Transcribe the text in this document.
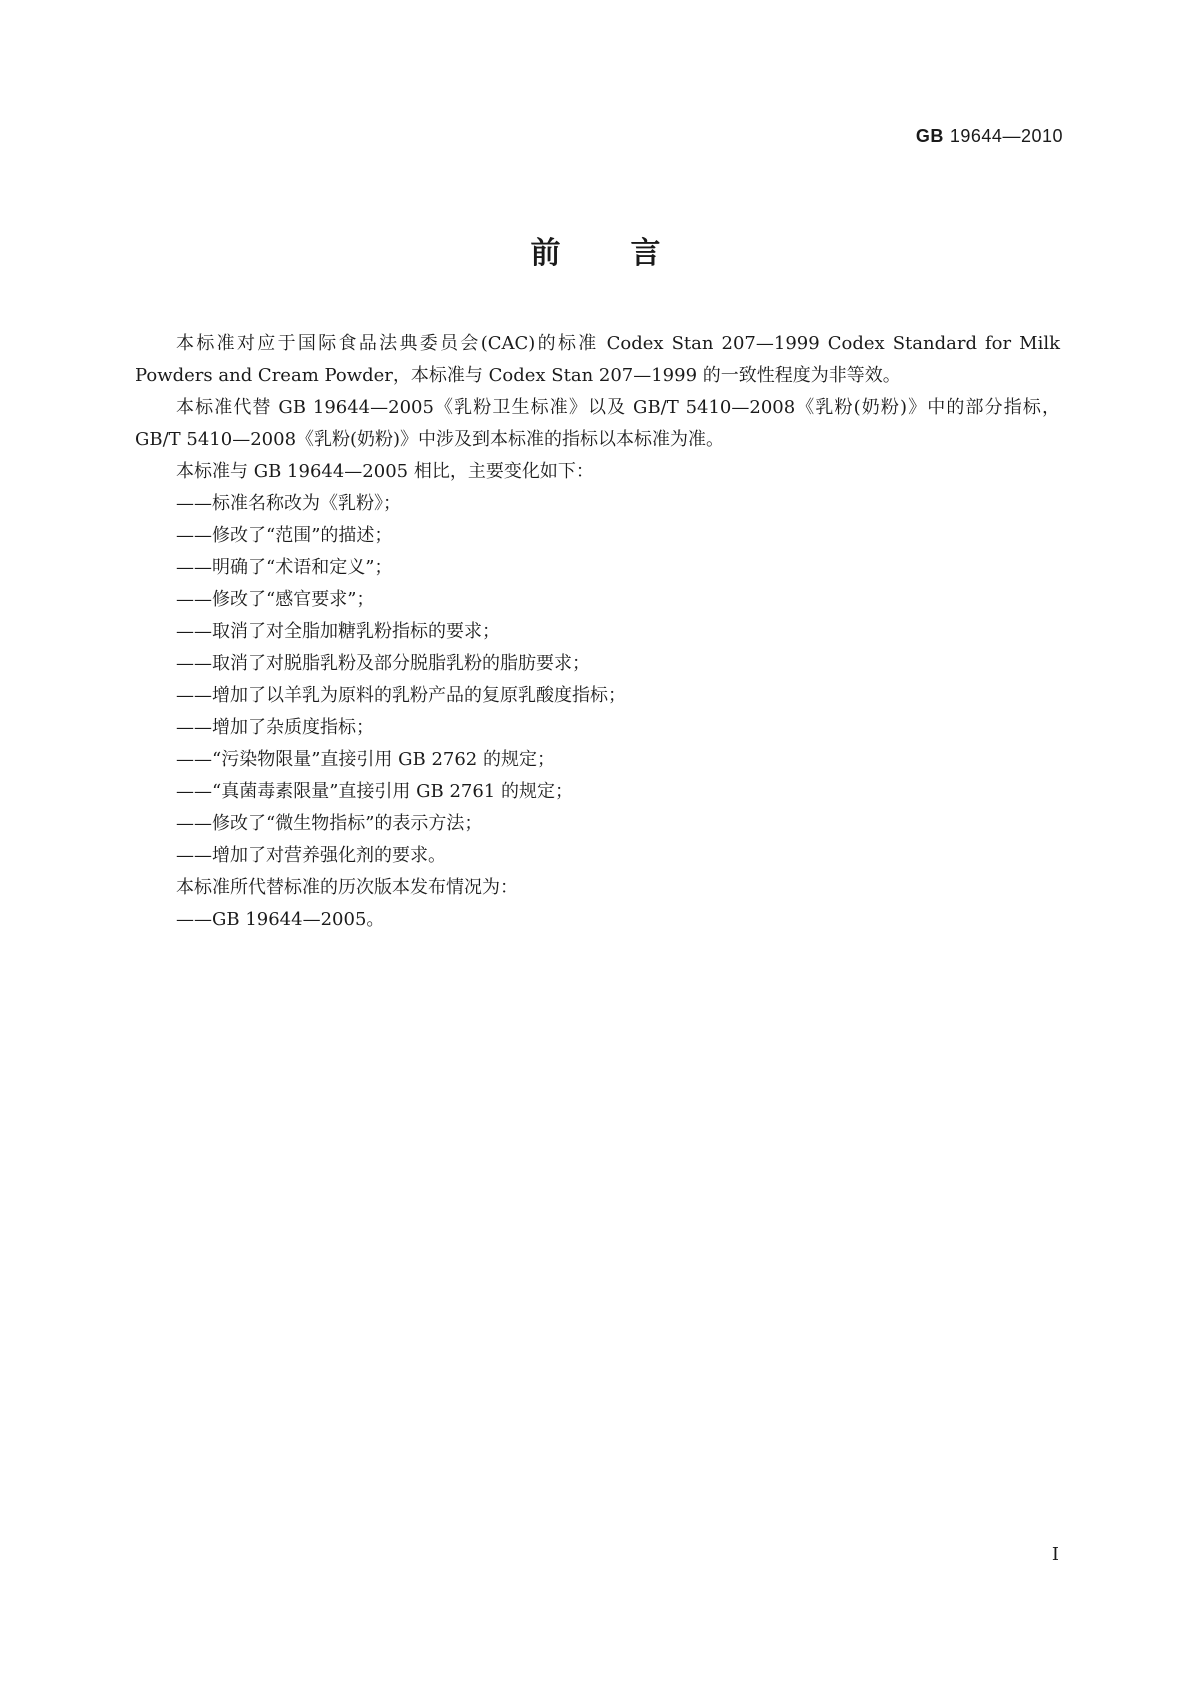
GB 19644—2010
前言

本标准对应于国际食品法典委员会(CAC)的标准 Codex Stan 207—1999 Codex Standard for Milk Powders and Cream Powder，本标准与 Codex Stan 207—1999 的一致性程度为非等效。

本标准代替 GB 19644—2005《乳粉卫生标准》以及 GB/T 5410—2008《乳粉(奶粉)》中的部分指标，GB/T 5410—2008《乳粉(奶粉)》中涉及到本标准的指标以本标准为准。

本标准与 GB 19644—2005 相比，主要变化如下：

——标准名称改为《乳粉》；
——修改了“范围”的描述；
——明确了“术语和定义”；
——修改了“感官要求”；
——取消了对全脂加糖乳粉指标的要求；
——取消了对脱脂乳粉及部分脱脂乳粉的脂肪要求；
——增加了以羊乳为原料的乳粉产品的复原乳酸度指标；
——增加了杂质度指标；
——“污染物限量”直接引用 GB 2762 的规定；
——“真菌毒素限量”直接引用 GB 2761 的规定；
——修改了“微生物指标”的表示方法；
——增加了对营养强化剂的要求。

本标准所代替标准的历次版本发布情况为：

——GB 19644—2005。
I
